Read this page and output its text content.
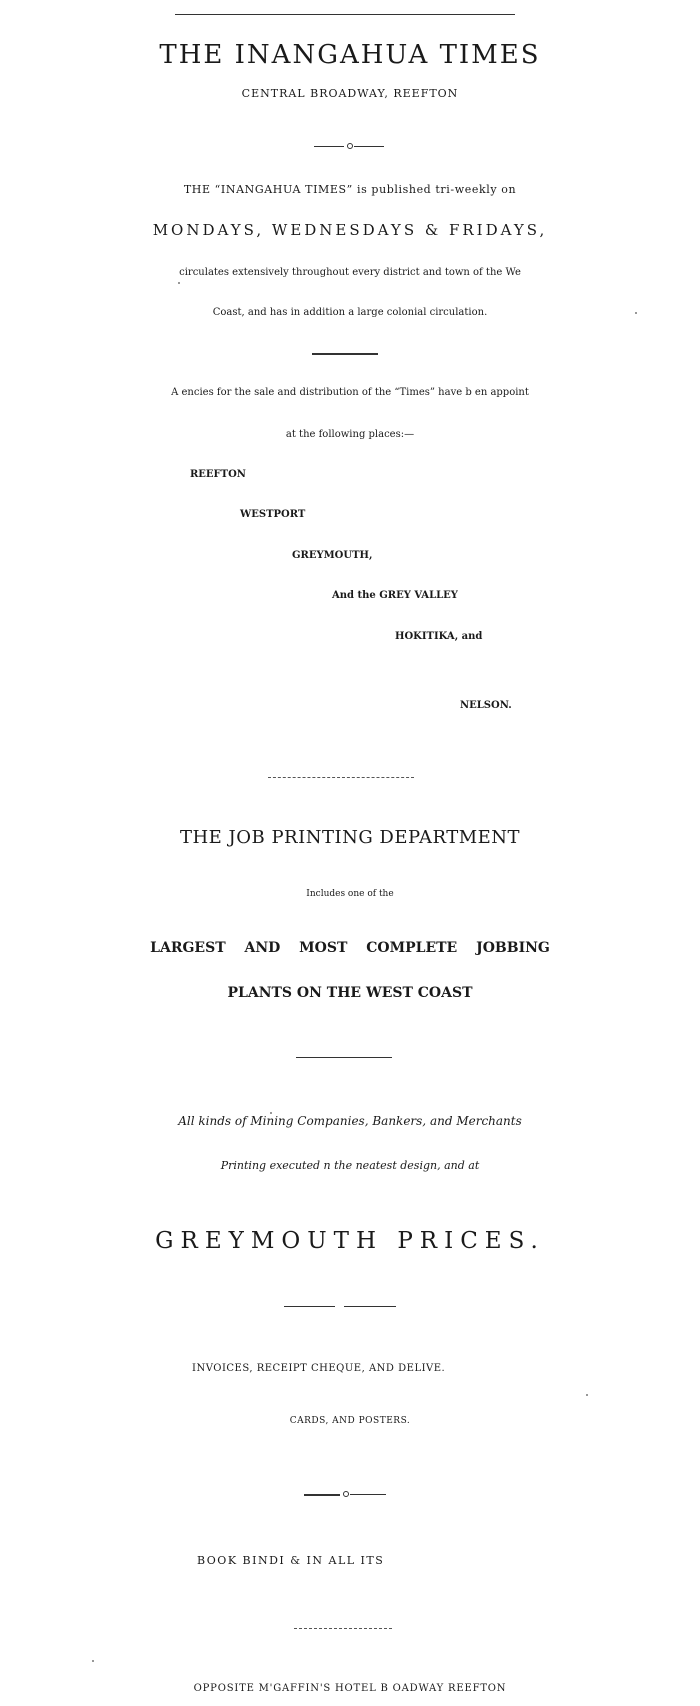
THE INANGAHUA TIMES
CENTRAL BROADWAY, REEFTON
THE “INANGAHUA TIMES” is published tri-weekly on
MONDAYS, WEDNESDAYS & FRIDAYS,
circulates extensively throughout every district and town of the We
Coast, and has in addition a large colonial circulation.
A encies for the sale and distribution of the “Times” have b en appoint
at the following places:—
REEFTON
WESTPORT
GREYMOUTH,
And the GREY VALLEY
HOKITIKA, and
NELSON.
THE JOB PRINTING DEPARTMENT
Includes one of the
LARGEST AND MOST COMPLETE JOBBING
PLANTS ON THE WEST COAST
All kinds of Mining Companies, Bankers, and Merchants
Printing executed n the neatest design, and at
GREYMOUTH PRICES.
INVOICES, RECEIPT CHEQUE, AND DELIVE.
CARDS, AND POSTERS.
BOOK BINDI & IN ALL ITS
OPPOSITE M'GAFFIN'S HOTEL B OADWAY REEFTON
